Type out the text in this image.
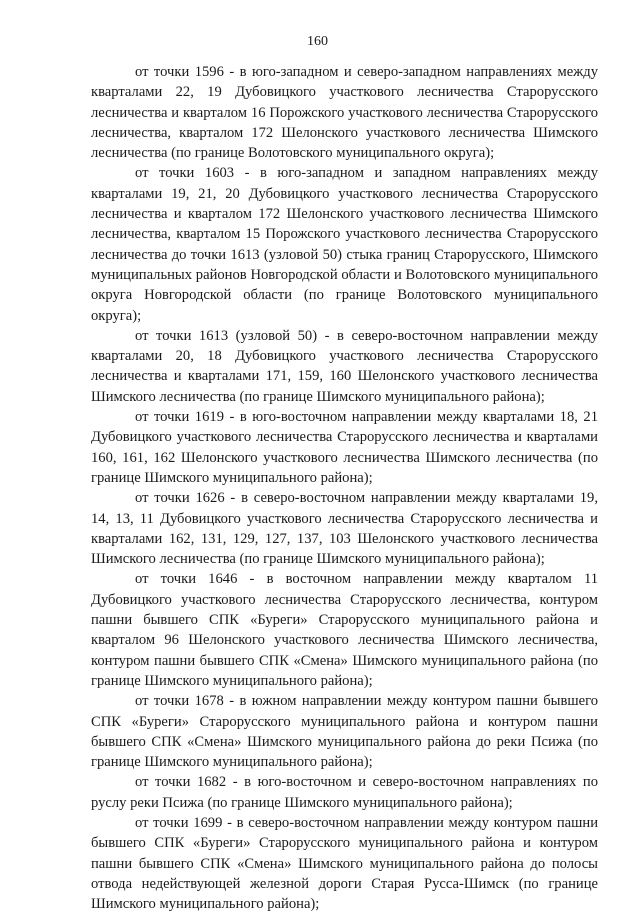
160

от точки 1596 - в юго-западном и северо-западном направлениях между кварталами 22, 19 Дубовицкого участкового лесничества Старорусского лесничества и кварталом 16 Порожского участкового лесничества Старорусского лесничества, кварталом 172 Шелонского участкового лесничества Шимского лесничества (по границе Волотовского муниципального округа);

от точки 1603 - в юго-западном и западном направлениях между кварталами 19, 21, 20 Дубовицкого участкового лесничества Старорусского лесничества и кварталом 172 Шелонского участкового лесничества Шимского лесничества, кварталом 15 Порожского участкового лесничества Старорусского лесничества до точки 1613 (узловой 50) стыка границ Старорусского, Шимского муниципальных районов Новгородской области и Волотовского муниципального округа Новгородской области (по границе Волотовского муниципального округа);

от точки 1613 (узловой 50) - в северо-восточном направлении между кварталами 20, 18 Дубовицкого участкового лесничества Старорусского лесничества и кварталами 171, 159, 160 Шелонского участкового лесничества Шимского лесничества (по границе Шимского муниципального района);

от точки 1619 - в юго-восточном направлении между кварталами 18, 21 Дубовицкого участкового лесничества Старорусского лесничества и кварталами 160, 161, 162 Шелонского участкового лесничества Шимского лесничества (по границе Шимского муниципального района);

от точки 1626 - в северо-восточном направлении между кварталами 19, 14, 13, 11 Дубовицкого участкового лесничества Старорусского лесничества и кварталами 162, 131, 129, 127, 137, 103 Шелонского участкового лесничества Шимского лесничества (по границе Шимского муниципального района);

от точки 1646 - в восточном направлении между кварталом 11 Дубовицкого участкового лесничества Старорусского лесничества, контуром пашни бывшего СПК «Буреги» Старорусского муниципального района и кварталом 96 Шелонского участкового лесничества Шимского лесничества, контуром пашни бывшего СПК «Смена» Шимского муниципального района (по границе Шимского муниципального района);

от точки 1678 - в южном направлении между контуром пашни бывшего СПК «Буреги» Старорусского муниципального района и контуром пашни бывшего СПК «Смена» Шимского муниципального района до реки Псижа (по границе Шимского муниципального района);

от точки 1682 - в юго-восточном и северо-восточном направлениях по руслу реки Псижа (по границе Шимского муниципального района);

от точки 1699 - в северо-восточном направлении между контуром пашни бывшего СПК «Буреги» Старорусского муниципального района и контуром пашни бывшего СПК «Смена» Шимского муниципального района до полосы отвода недействующей железной дороги Старая Русса-Шимск (по границе Шимского муниципального района);
